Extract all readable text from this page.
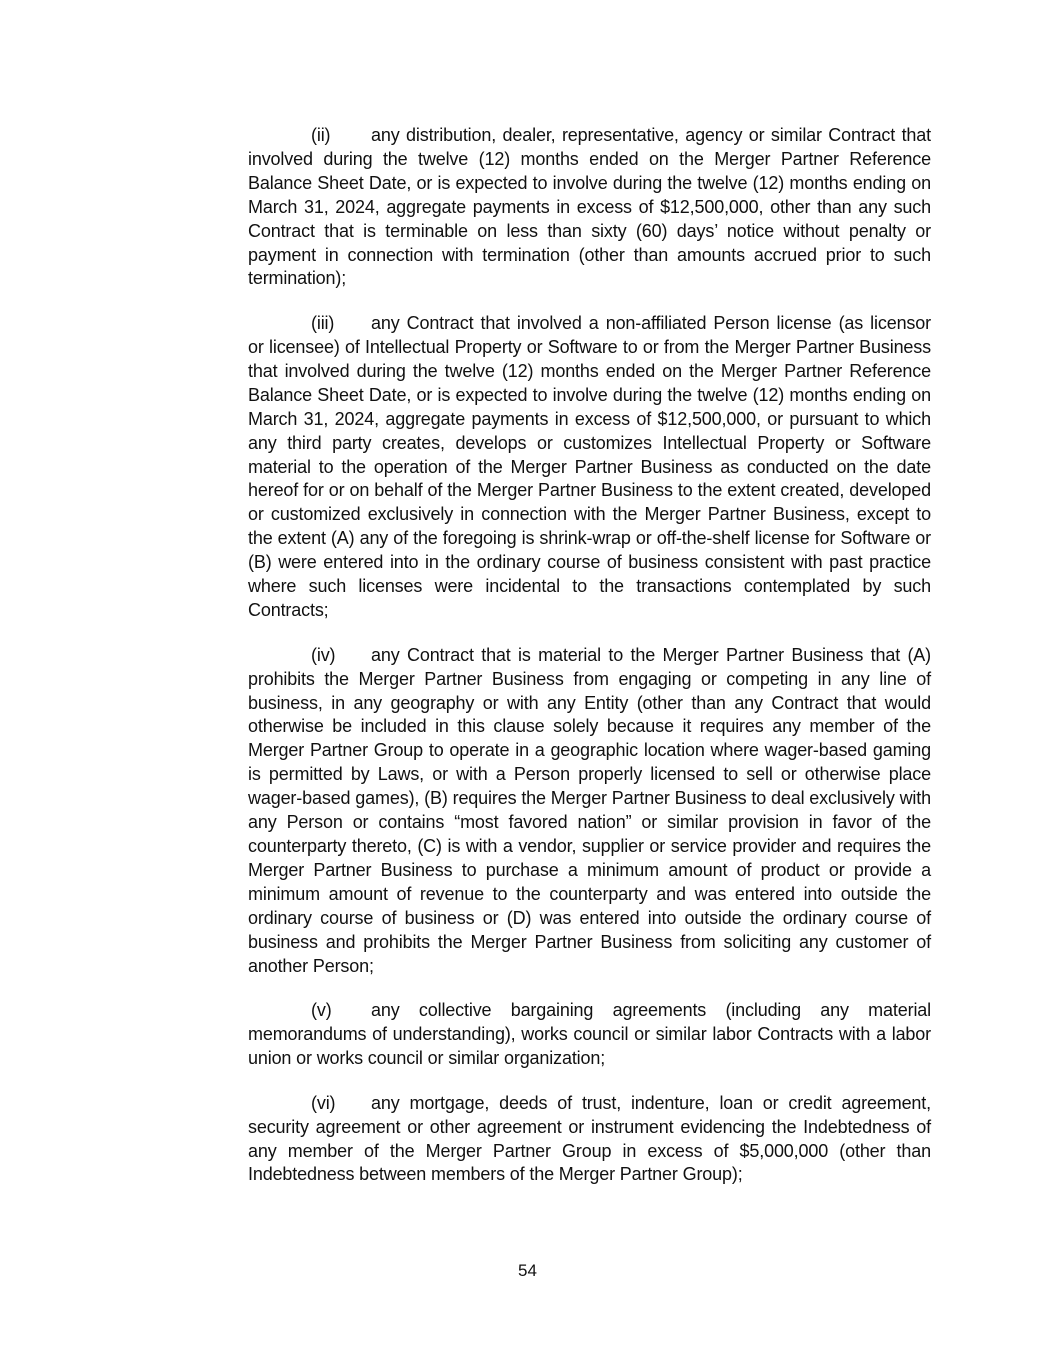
(ii) any distribution, dealer, representative, agency or similar Contract that involved during the twelve (12) months ended on the Merger Partner Reference Balance Sheet Date, or is expected to involve during the twelve (12) months ending on March 31, 2024, aggregate payments in excess of $12,500,000, other than any such Contract that is terminable on less than sixty (60) days’ notice without penalty or payment in connection with termination (other than amounts accrued prior to such termination);

(iii) any Contract that involved a non-affiliated Person license (as licensor or licensee) of Intellectual Property or Software to or from the Merger Partner Business that involved during the twelve (12) months ended on the Merger Partner Reference Balance Sheet Date, or is expected to involve during the twelve (12) months ending on March 31, 2024, aggregate payments in excess of $12,500,000, or pursuant to which any third party creates, develops or customizes Intellectual Property or Software material to the operation of the Merger Partner Business as conducted on the date hereof for or on behalf of the Merger Partner Business to the extent created, developed or customized exclusively in connection with the Merger Partner Business, except to the extent (A) any of the foregoing is shrink-wrap or off-the-shelf license for Software or (B) were entered into in the ordinary course of business consistent with past practice where such licenses were incidental to the transactions contemplated by such Contracts;

(iv) any Contract that is material to the Merger Partner Business that (A) prohibits the Merger Partner Business from engaging or competing in any line of business, in any geography or with any Entity (other than any Contract that would otherwise be included in this clause solely because it requires any member of the Merger Partner Group to operate in a geographic location where wager-based gaming is permitted by Laws, or with a Person properly licensed to sell or otherwise place wager-based games), (B) requires the Merger Partner Business to deal exclusively with any Person or contains “most favored nation” or similar provision in favor of the counterparty thereto, (C) is with a vendor, supplier or service provider and requires the Merger Partner Business to purchase a minimum amount of product or provide a minimum amount of revenue to the counterparty and was entered into outside the ordinary course of business or (D) was entered into outside the ordinary course of business and prohibits the Merger Partner Business from soliciting any customer of another Person;

(v) any collective bargaining agreements (including any material memorandums of understanding), works council or similar labor Contracts with a labor union or works council or similar organization;

(vi) any mortgage, deeds of trust, indenture, loan or credit agreement, security agreement or other agreement or instrument evidencing the Indebtedness of any member of the Merger Partner Group in excess of $5,000,000 (other than Indebtedness between members of the Merger Partner Group);

54
